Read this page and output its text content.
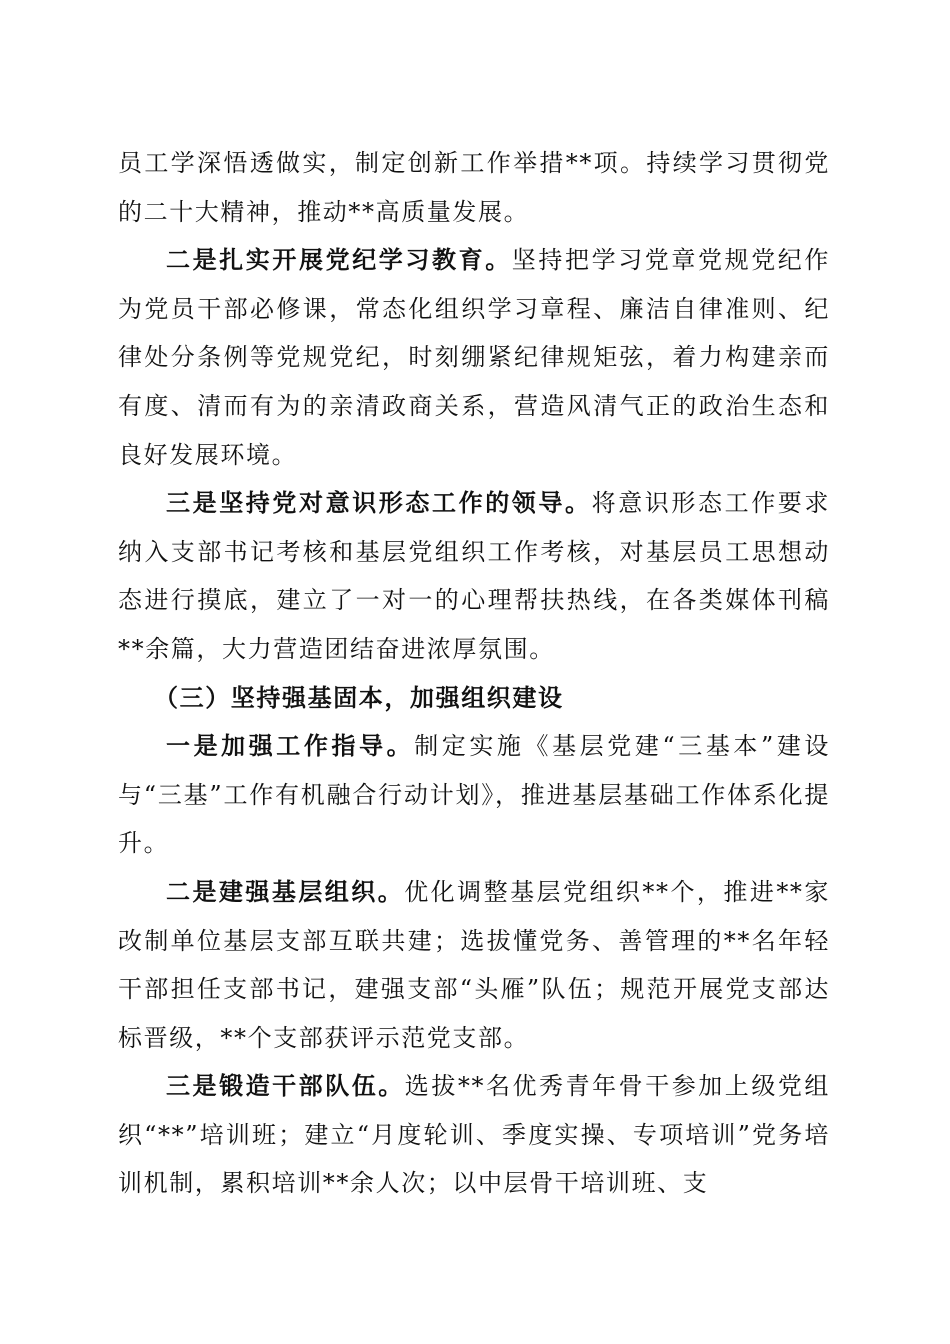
员工学深悟透做实，制定创新工作举措**项。持续学习贯彻党的二十大精神，推动**高质量发展。

二是扎实开展党纪学习教育。坚持把学习党章党规党纪作为党员干部必修课，常态化组织学习章程、廉洁自律准则、纪律处分条例等党规党纪，时刻绷紧纪律规矩弦，着力构建亲而有度、清而有为的亲清政商关系，营造风清气正的政治生态和良好发展环境。

三是坚持党对意识形态工作的领导。将意识形态工作要求纳入支部书记考核和基层党组织工作考核，对基层员工思想动态进行摸底，建立了一对一的心理帮扶热线，在各类媒体刊稿**余篇，大力营造团结奋进浓厚氛围。

（三）坚持强基固本，加强组织建设

一是加强工作指导。制定实施《基层党建“三基本”建设与“三基”工作有机融合行动计划》，推进基层基础工作体系化提升。

二是建强基层组织。优化调整基层党组织**个，推进**家改制单位基层支部互联共建；选拔懂党务、善管理的**名年轻干部担任支部书记，建强支部“头雁”队伍；规范开展党支部达标晋级，**个支部获评示范党支部。

三是锻造干部队伍。选拔**名优秀青年骨干参加上级党组织“**”培训班；建立“月度轮训、季度实操、专项培训”党务培训机制，累积培训**余人次；以中层骨干培训班、支
